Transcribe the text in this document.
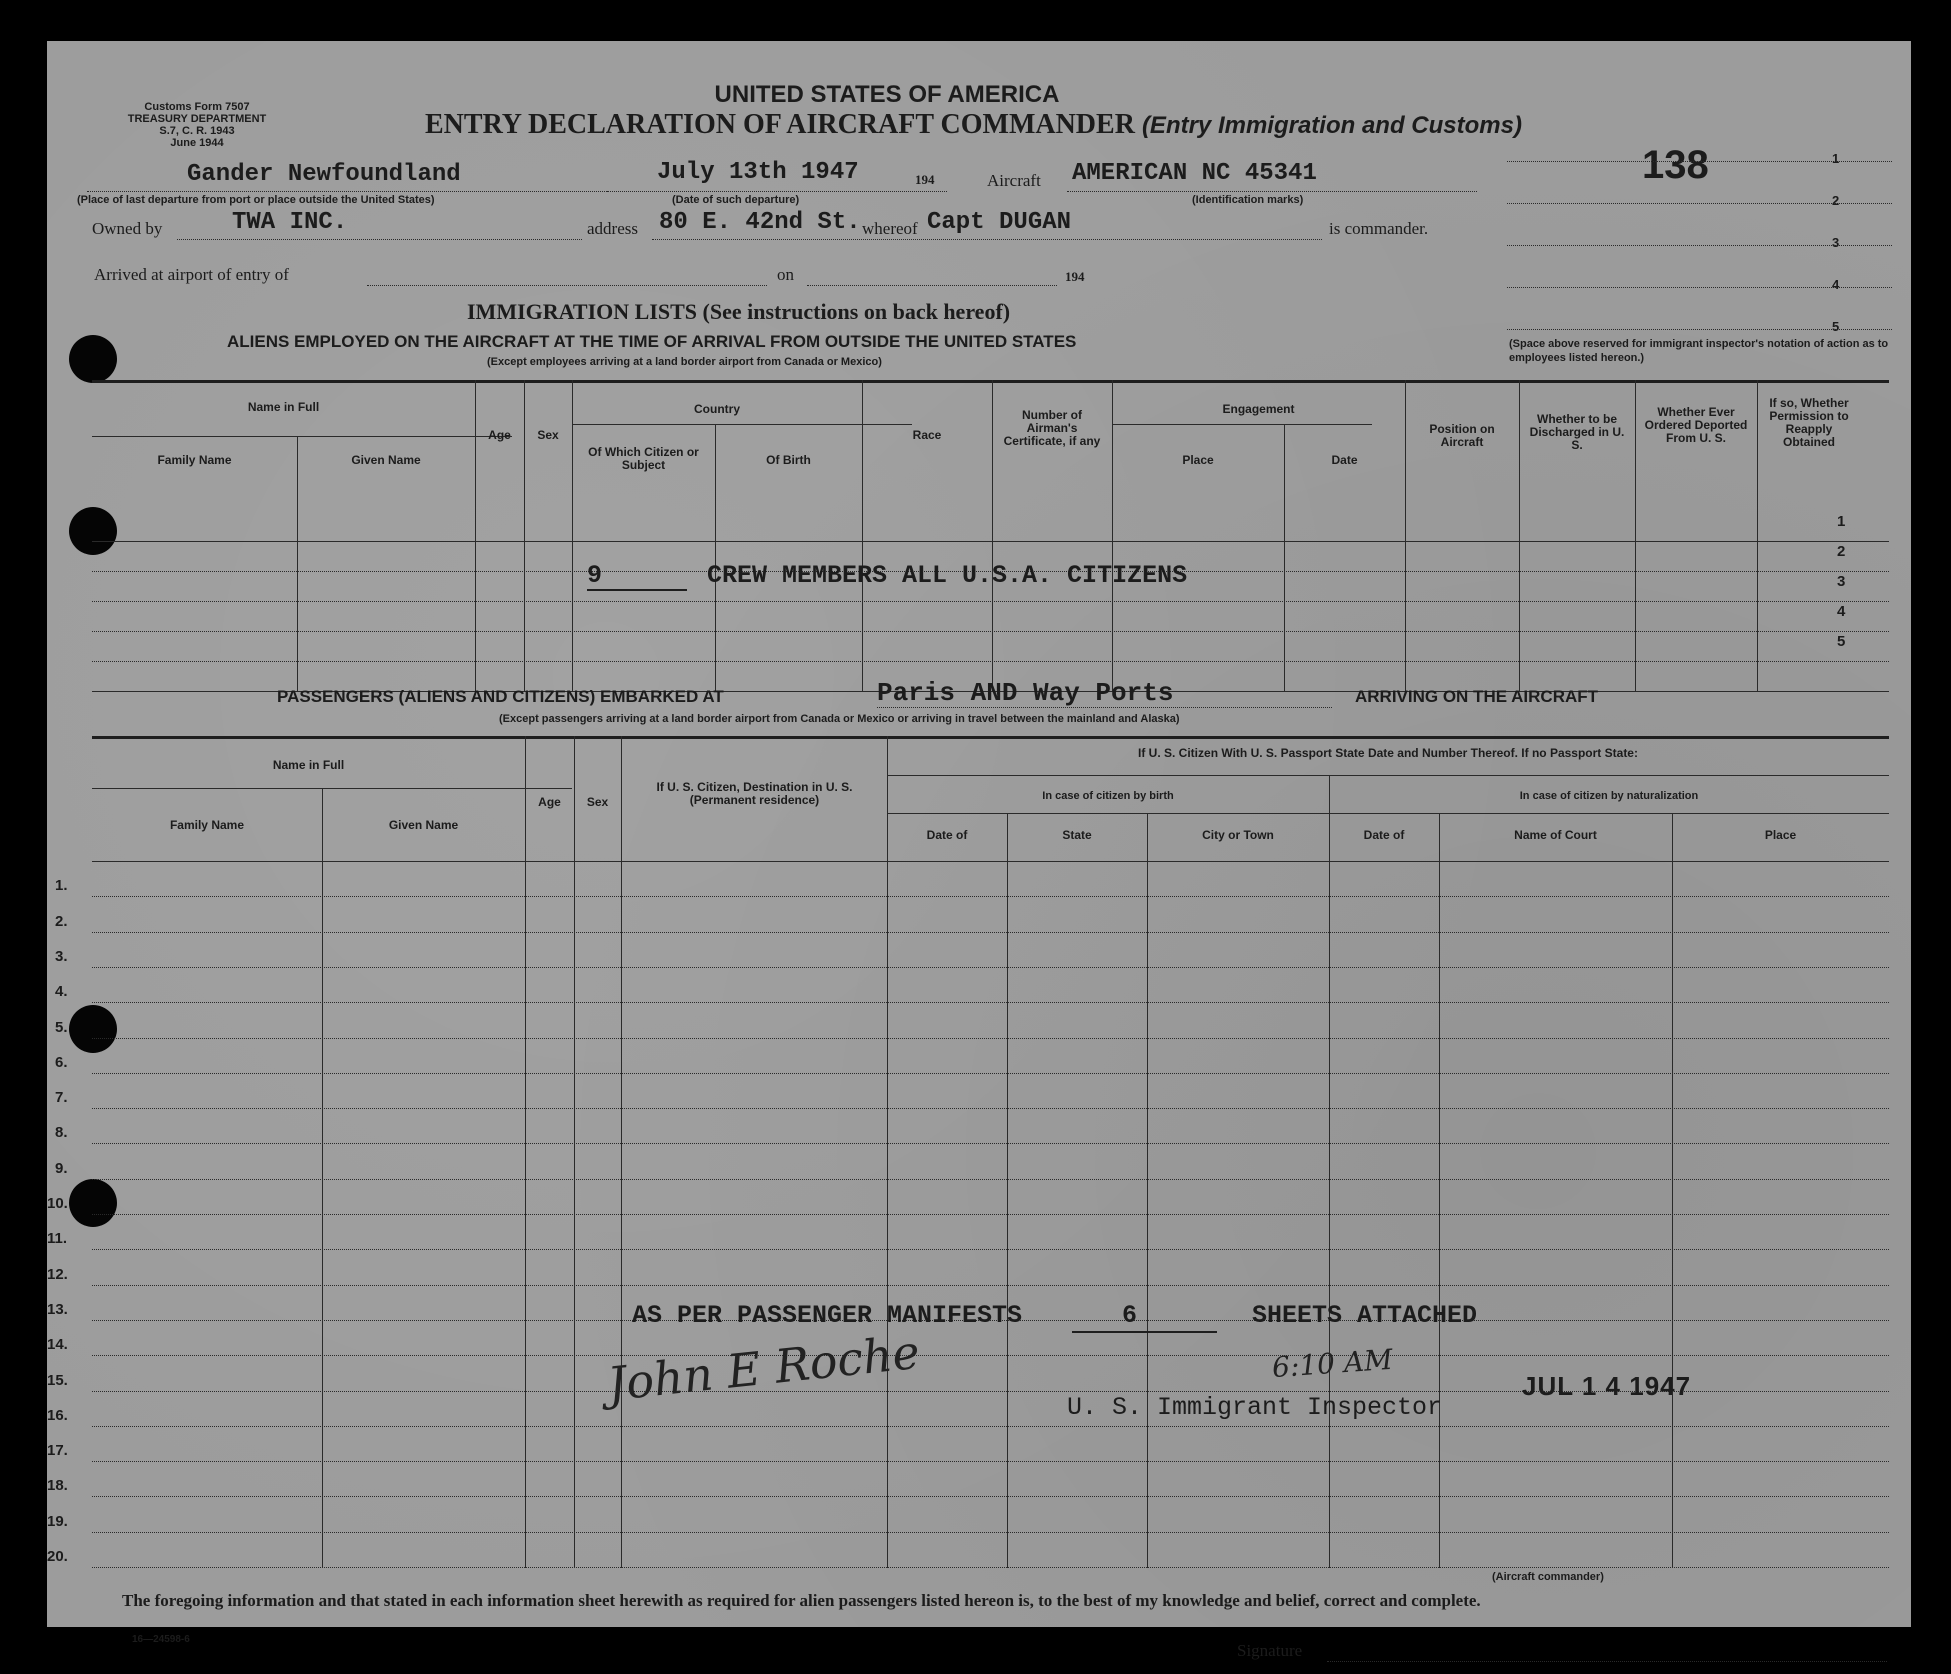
Customs Form 7507
TREASURY DEPARTMENT
S.7, C. R. 1943
June 1944
UNITED STATES OF AMERICA
ENTRY DECLARATION OF AIRCRAFT COMMANDER (Entry Immigration and Customs)
138
Gander Newfoundland
(Place of last departure from port or place outside the United States)
July 13th 1947	194
(Date of such departure)
Aircraft AMERICAN NC 45341
(Identification marks)
Owned by	TWA INC.	address 80 E. 42nd St. whereof Capt DUGAN	is commander.
Arrived at airport of entry of	on	194
1
2
3
4
5
(Space above reserved for immigrant inspector's notation of action as to employees listed hereon.)
IMMIGRATION LISTS (See instructions on back hereof)
ALIENS EMPLOYED ON THE AIRCRAFT AT THE TIME OF ARRIVAL FROM OUTSIDE THE UNITED STATES
(Except employees arriving at a land border airport from Canada or Mexico)
Name in Full
Family Name	Given Name
Age	Sex
Country
Of Which Citizen or Subject	Of Birth
Race
Number of Airman's Certificate, if any
Engagement
Place	Date
Position on Aircraft
Whether to be Discharged in U. S.
Whether Ever Ordered Deported From U. S.
If so, Whether Permission to Reapply Obtained
1
2
3
4
5
9	CREW MEMBERS ALL U.S.A. CITIZENS
PASSENGERS (ALIENS AND CITIZENS) EMBARKED AT	Paris AND Way Ports	ARRIVING ON THE AIRCRAFT
(Except passengers arriving at a land border airport from Canada or Mexico or arriving in travel between the mainland and Alaska)
Name in Full
Family Name	Given Name
Age	Sex
If U. S. Citizen, Destination in U. S. (Permanent residence)
If U. S. Citizen With U. S. Passport State Date and Number Thereof. If no Passport State:
In case of citizen by birth	In case of citizen by naturalization
Date of	State	City or Town	Date of	Name of Court	Place
1.
2.
3.
4.
5.
6.
7.
8.
9.
10.
11.
12.
13.
14.
15.
16.
17.
18.
19.
20.
AS PER PASSENGER MANIFESTS	6	SHEETS ATTACHED
John E Roche	6:10 AM
U. S. Immigrant Inspector
JUL 1 4 1947
The foregoing information and that stated in each information sheet herewith as required for alien passengers listed hereon is, to the best of my knowledge and belief, correct and complete.
Signature
16—24598-6
(Aircraft commander)
